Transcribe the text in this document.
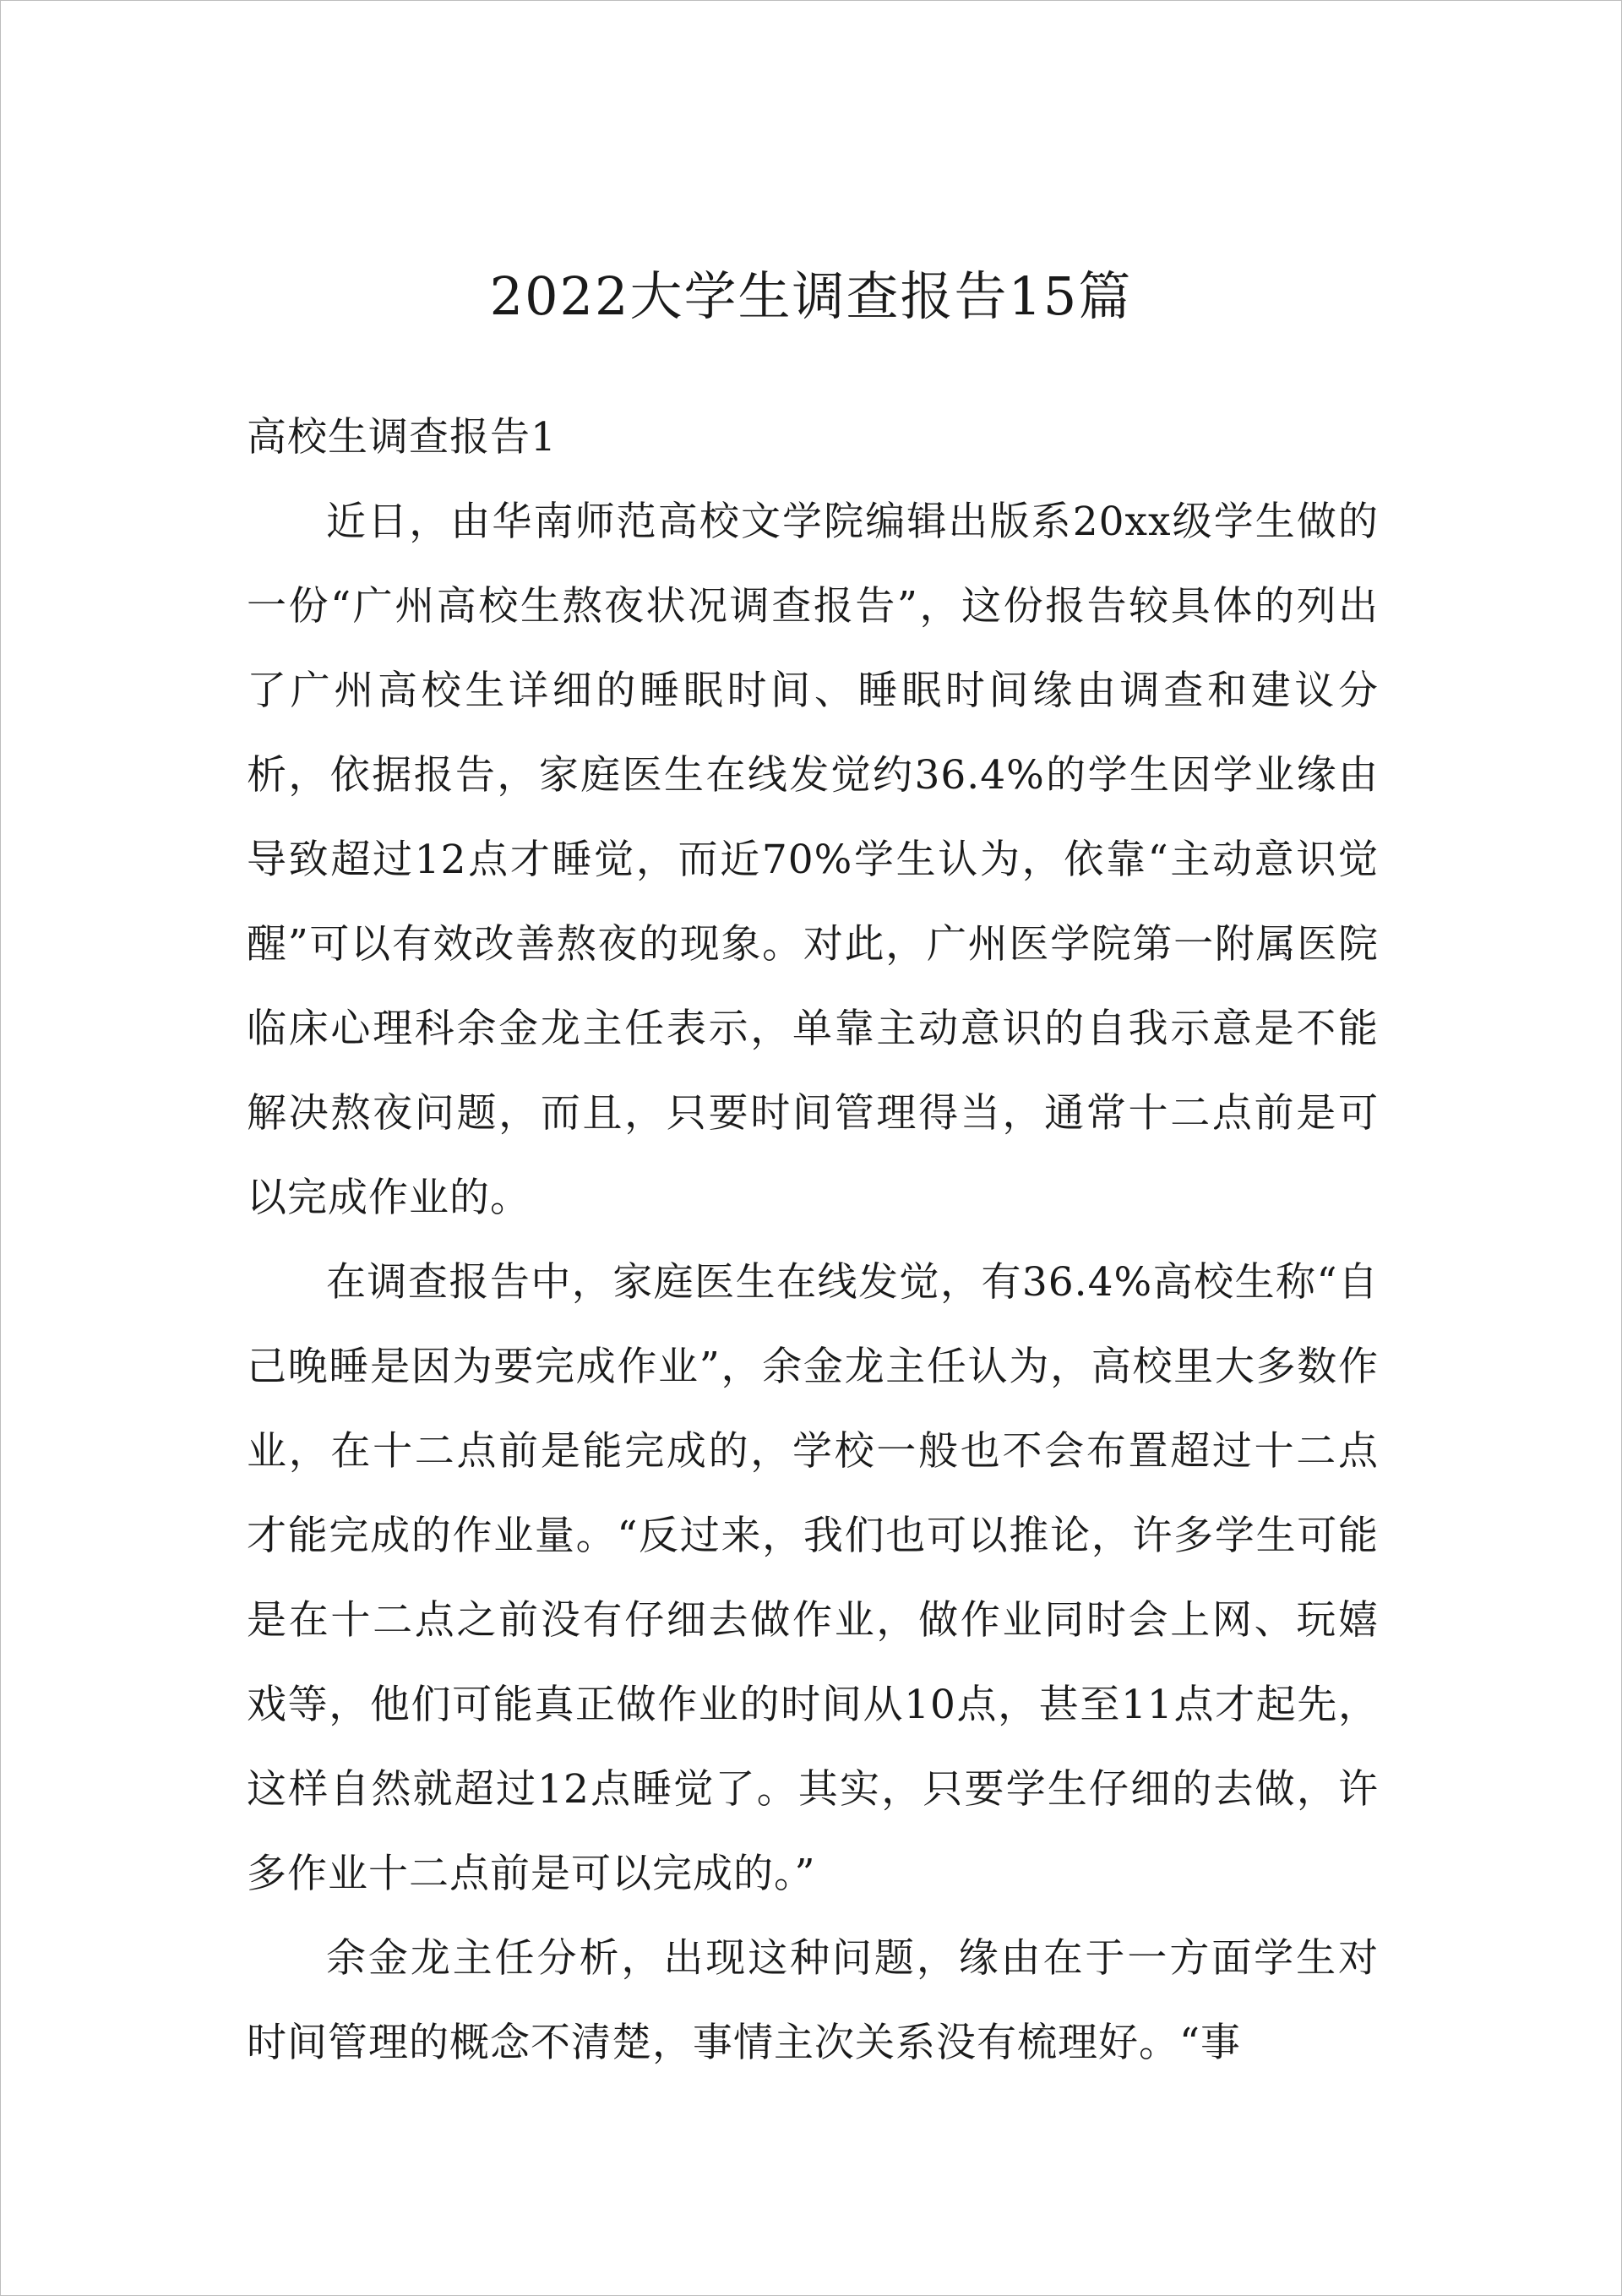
2022大学生调查报告15篇
高校生调查报告1

近日，由华南师范高校文学院编辑出版系20xx级学生做的一份“广州高校生熬夜状况调查报告”，这份报告较具体的列出了广州高校生详细的睡眠时间、睡眠时间缘由调查和建议分析，依据报告，家庭医生在线发觉约36.4%的学生因学业缘由导致超过12点才睡觉，而近70%学生认为，依靠“主动意识觉醒”可以有效改善熬夜的现象。对此，广州医学院第一附属医院临床心理科余金龙主任表示，单靠主动意识的自我示意是不能解决熬夜问题，而且，只要时间管理得当，通常十二点前是可以完成作业的。

在调查报告中，家庭医生在线发觉，有36.4%高校生称“自己晚睡是因为要完成作业”，余金龙主任认为，高校里大多数作业，在十二点前是能完成的，学校一般也不会布置超过十二点才能完成的作业量。“反过来，我们也可以推论，许多学生可能是在十二点之前没有仔细去做作业，做作业同时会上网、玩嬉戏等，他们可能真正做作业的时间从10点，甚至11点才起先，这样自然就超过12点睡觉了。其实，只要学生仔细的去做，许多作业十二点前是可以完成的。”

余金龙主任分析，出现这种问题，缘由在于一方面学生对时间管理的概念不清楚，事情主次关系没有梳理好。“事
